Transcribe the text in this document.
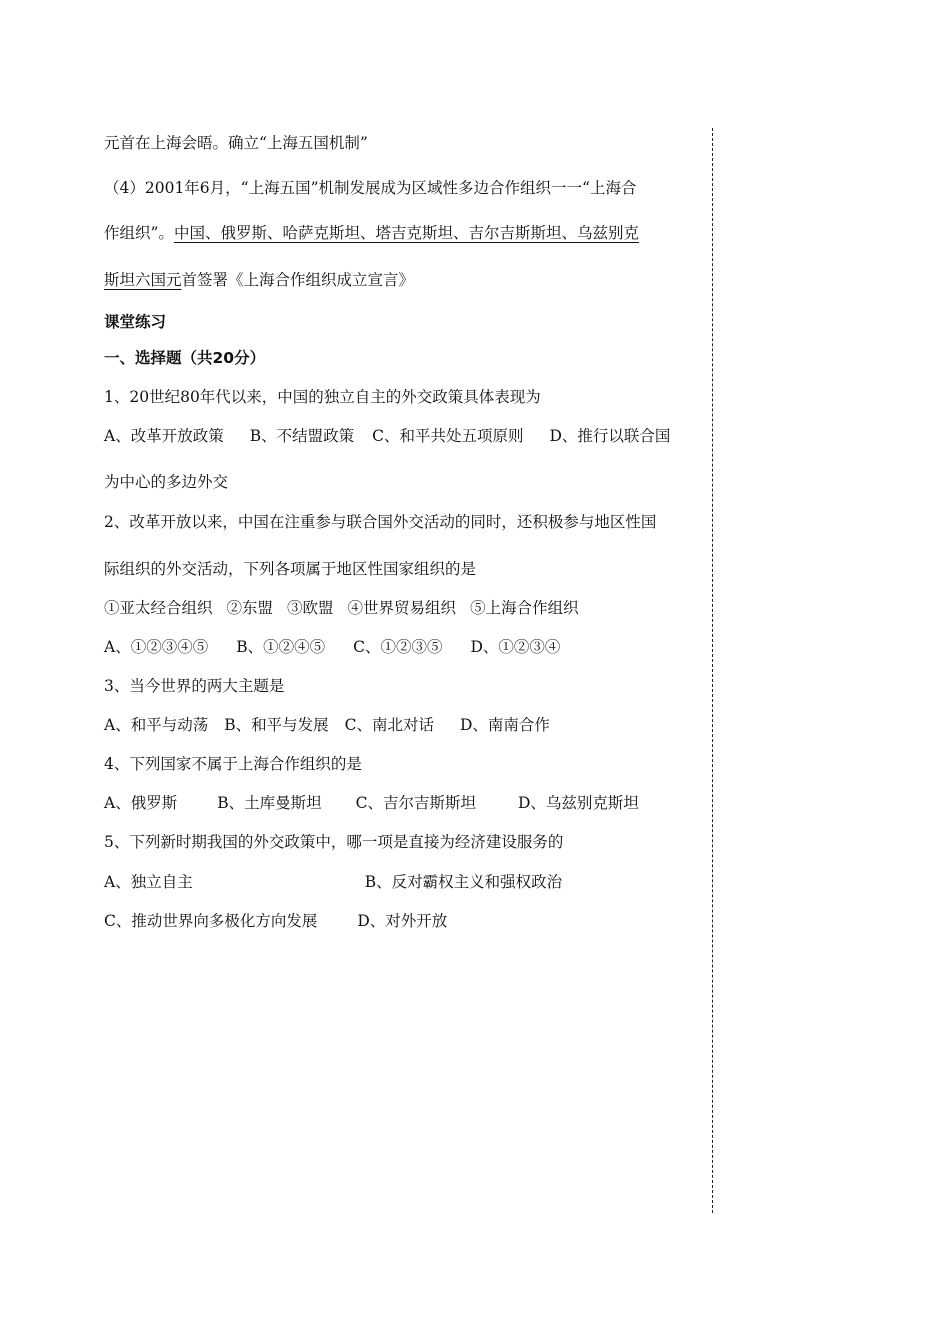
元首在上海会晤。确立“上海五国机制”
（4）2001年6月，“上海五国”机制发展成为区域性多边合作组织一一“上海合
作组织”。中国、俄罗斯、哈萨克斯坦、塔吉克斯坦、吉尔吉斯斯坦、乌兹别克
斯坦六国元首签署《上海合作组织成立宣言》
课堂练习
一、选择题（共20分）
1、20世纪80年代以来，中国的独立自主的外交政策具体表现为
A、改革开放政策 B、不结盟政策 C、和平共处五项原则 D、推行以联合国
为中心的多边外交
2、改革开放以来，中国在注重参与联合国外交活动的同时，还积极参与地区性国
际组织的外交活动，下列各项属于地区性国家组织的是
①亚太经合组织 ②东盟 ③欧盟 ④世界贸易组织 ⑤上海合作组织
A、①②③④⑤ B、①②④⑤ C、①②③⑤ D、①②③④
3、当今世界的两大主题是
A、和平与动荡 B、和平与发展 C、南北对话 D、南南合作
4、下列国家不属于上海合作组织的是
A、俄罗斯	B、土库曼斯坦 C、吉尔吉斯斯坦	D、乌兹别克斯坦
5、下列新时期我国的外交政策中，哪一项是直接为经济建设服务的
A、独立自主	B、反对霸权主义和强权政治
C、推动世界向多极化方向发展	D、对外开放
